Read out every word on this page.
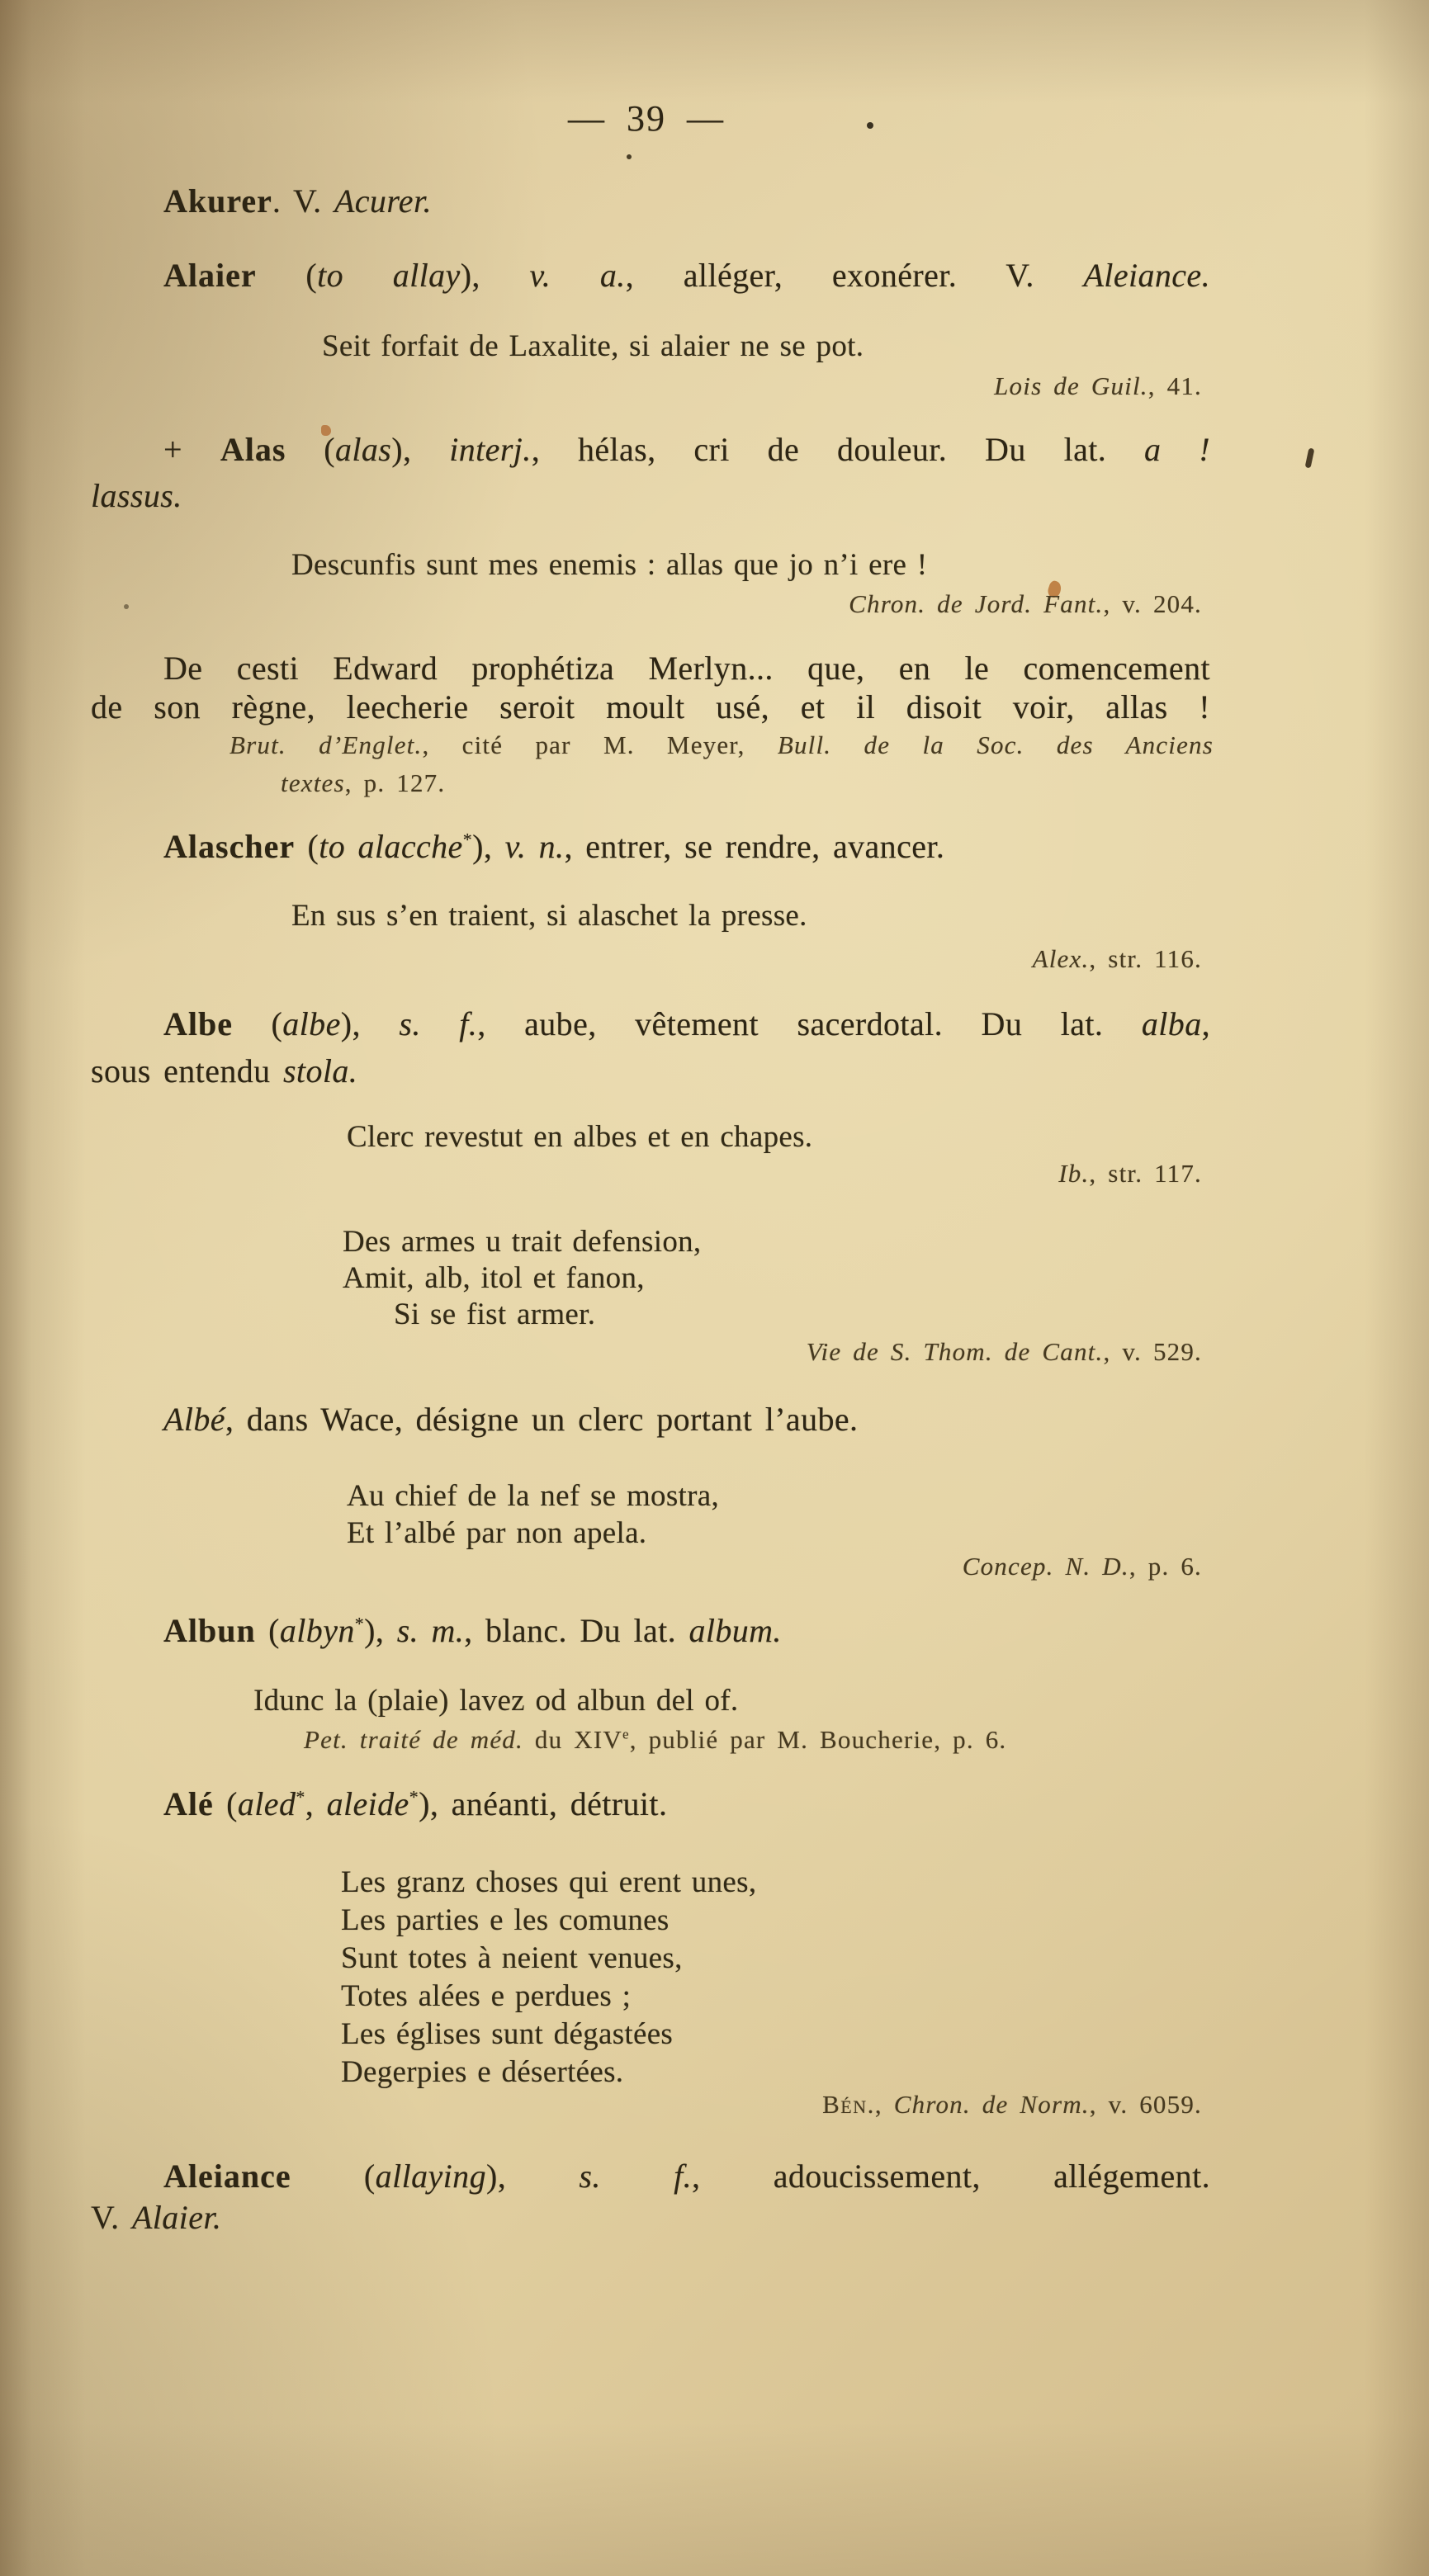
— 39 —
Akurer. V. Acurer.
Alaier (to allay), v. a., alléger, exonérer. V. Aleiance.
Seit forfait de Laxalite, si alaier ne se pot.
Lois de Guil., 41.
+ Alas (alas), interj., hélas, cri de douleur. Du lat. a !
lassus.
Descunfis sunt mes enemis : allas que jo n’i ere !
Chron. de Jord. Fant., v. 204.
De cesti Edward prophétiza Merlyn... que, en le comencement
de son règne, leecherie seroit moult usé, et il disoit voir, allas !
Brut. d’Englet., cité par M. Meyer, Bull. de la Soc. des Anciens
textes, p. 127.
Alascher (to alacche*), v. n., entrer, se rendre, avancer.
En sus s’en traient, si alaschet la presse.
Alex., str. 116.
Albe (albe), s. f., aube, vêtement sacerdotal. Du lat. alba,
sous entendu stola.
Clerc revestut en albes et en chapes.
Ib., str. 117.
Des armes u trait defension,
Amit, alb, itol et fanon,
Si se fist armer.
Vie de S. Thom. de Cant., v. 529.
Albé, dans Wace, désigne un clerc portant l’aube.
Au chief de la nef se mostra,
Et l’albé par non apela.
Concep. N. D., p. 6.
Albun (albyn*), s. m., blanc. Du lat. album.
Idunc la (plaie) lavez od albun del of.
Pet. traité de méd. du XIVe, publié par M. Boucherie, p. 6.
Alé (aled*, aleide*), anéanti, détruit.
Les granz choses qui erent unes,
Les parties e les comunes
Sunt totes à neient venues,
Totes alées e perdues ;
Les églises sunt dégastées
Degerpies e désertées.
Bén., Chron. de Norm., v. 6059.
Aleiance (allaying), s. f., adoucissement, allégement.
V. Alaier.
